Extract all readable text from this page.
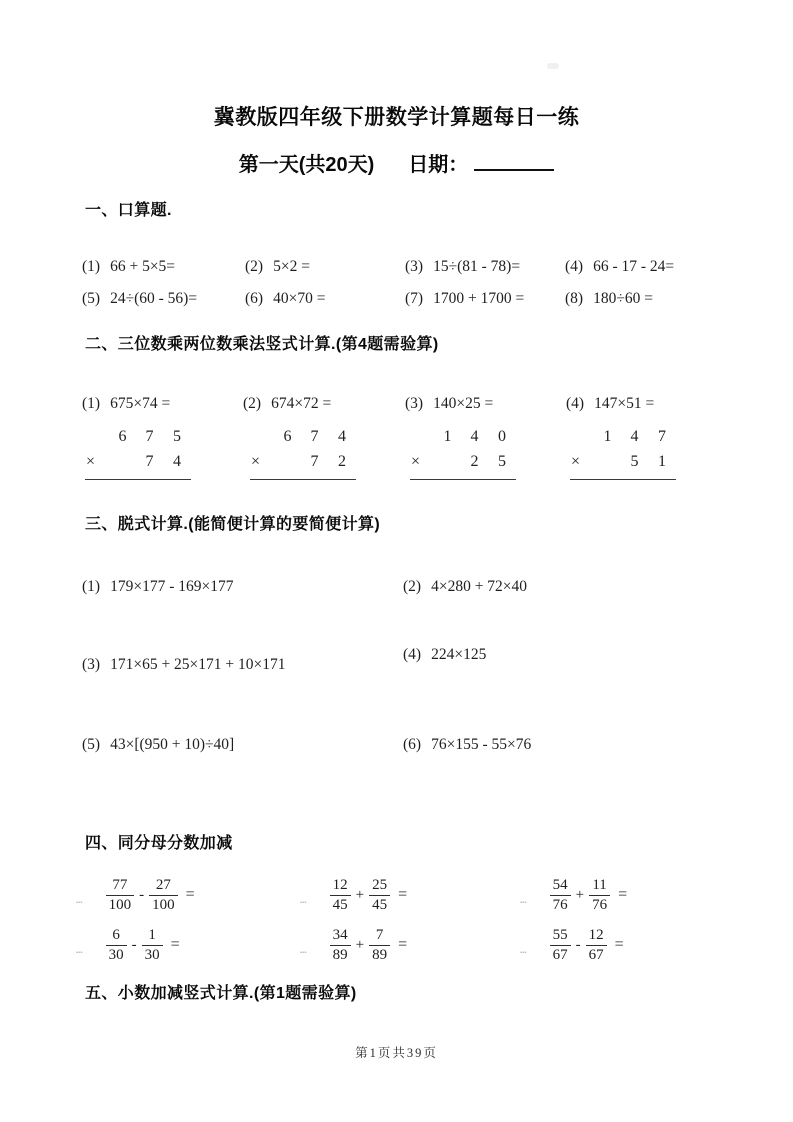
冀教版四年级下册数学计算题每日一练
第一天(共20天) 日期：
一、口算题.
(1) 66 + 5×5=	(2) 5×2 =	(3) 15÷(81 - 78)=	(4) 66 - 17 - 24=
(5) 24÷(60 - 56)=	(6) 40×70 =	(7) 1700 + 1700 =	(8) 180÷60 =
二、三位数乘两位数乘法竖式计算.(第4题需验算)
(1) 675×74 =	(2) 674×72 =	(3) 140×25 =	(4) 147×51 =
6	7	5
×	7	4
6	7	4
×	7	2
1	4	0
×	2	5
1	4	7
×	5	1
三、脱式计算.(能简便计算的要简便计算)
(1) 179×177 - 169×177	(2) 4×280 + 72×40
(3) 171×65 + 25×171 + 10×171
(4) 224×125
(5) 43×[(950 + 10)÷40]	(6) 76×155 - 55×76
四、同分母分数加减
┄ $\frac{77}{100} - \frac{27}{100}$ =	┄ $\frac{12}{45} + \frac{25}{45}$ =	┄ $\frac{54}{76} + \frac{11}{76}$ =
┄ $\frac{6}{30} - \frac{1}{30}$ =	┄ $\frac{34}{89} + \frac{7}{89}$ =	┄ $\frac{55}{67} - \frac{12}{67}$ =
五、小数加减竖式计算.(第1题需验算)
第1页共39页
